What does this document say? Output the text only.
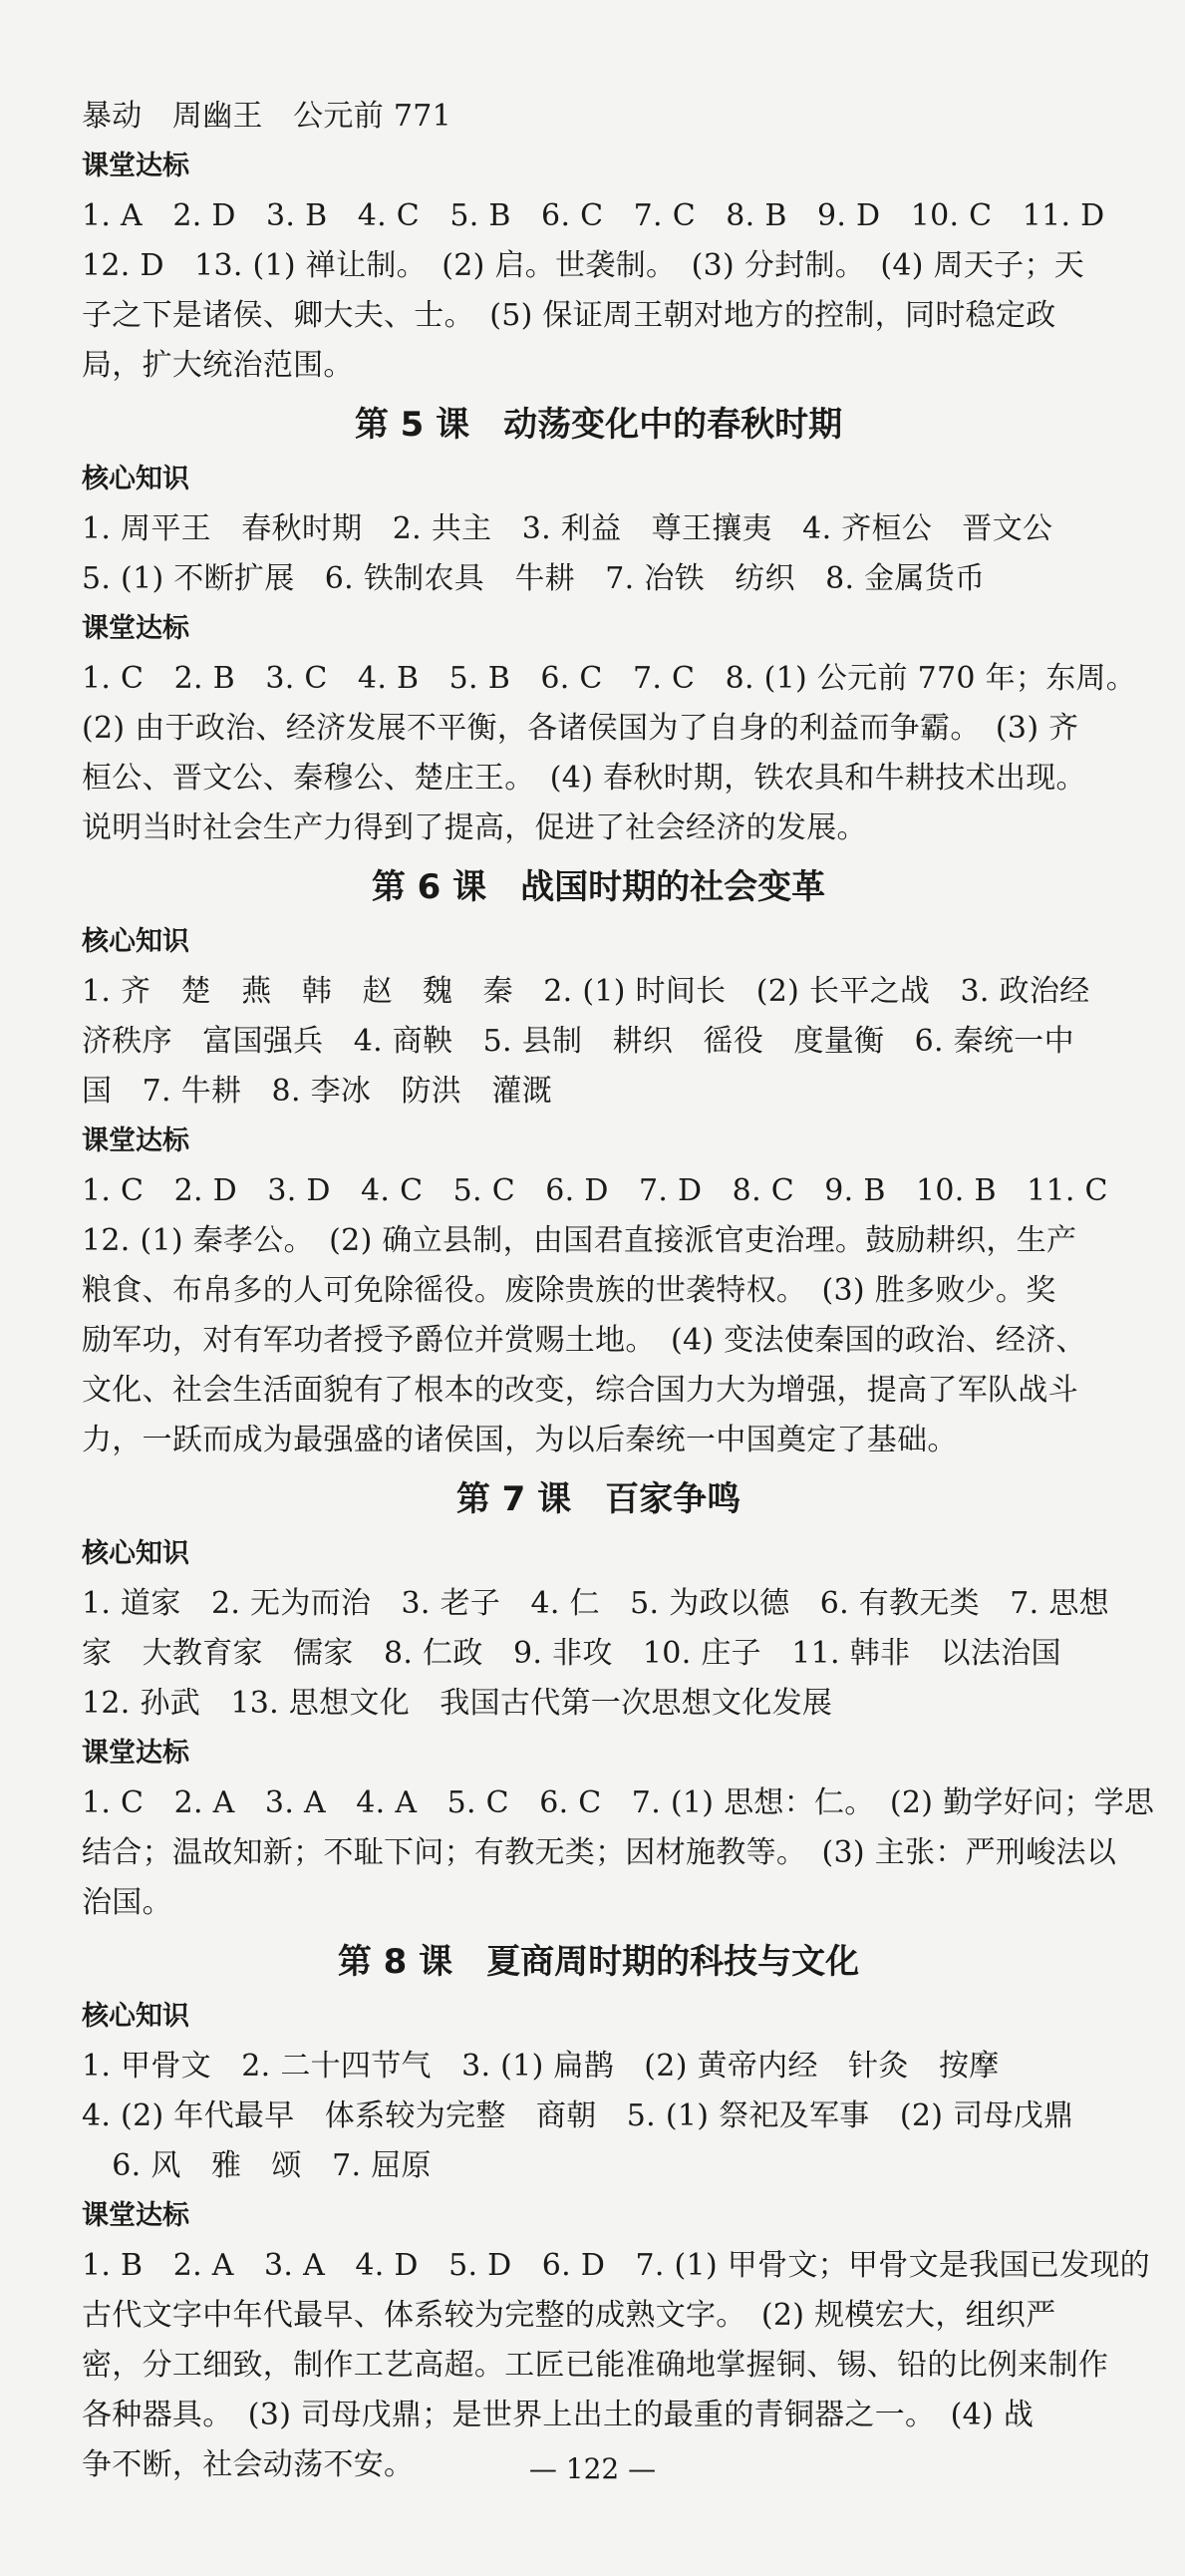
暴动　周幽王　公元前 771
课堂达标
1. A　2. D　3. B　4. C　5. B　6. C　7. C　8. B　9. D　10. C　11. D
12. D　13. (1) 禅让制。　(2) 启。世袭制。　(3) 分封制。　(4) 周天子；天
子之下是诸侯、卿大夫、士。　(5) 保证周王朝对地方的控制，同时稳定政
局，扩大统治范围。
第 5 课　动荡变化中的春秋时期
核心知识
1. 周平王　春秋时期　2. 共主　3. 利益　尊王攘夷　4. 齐桓公　晋文公
5. (1) 不断扩展　6. 铁制农具　牛耕　7. 冶铁　纺织　8. 金属货币
课堂达标
1. C　2. B　3. C　4. B　5. B　6. C　7. C　8. (1) 公元前 770 年；东周。
(2) 由于政治、经济发展不平衡，各诸侯国为了自身的利益而争霸。　(3) 齐
桓公、晋文公、秦穆公、楚庄王。　(4) 春秋时期，铁农具和牛耕技术出现。
说明当时社会生产力得到了提高，促进了社会经济的发展。
第 6 课　战国时期的社会变革
核心知识
1. 齐　楚　燕　韩　赵　魏　秦　2. (1) 时间长　(2) 长平之战　3. 政治经
济秩序　富国强兵　4. 商鞅　5. 县制　耕织　徭役　度量衡　6. 秦统一中
国　7. 牛耕　8. 李冰　防洪　灌溉
课堂达标
1. C　2. D　3. D　4. C　5. C　6. D　7. D　8. C　9. B　10. B　11. C
12. (1) 秦孝公。　(2) 确立县制，由国君直接派官吏治理。鼓励耕织，生产
粮食、布帛多的人可免除徭役。废除贵族的世袭特权。　(3) 胜多败少。奖
励军功，对有军功者授予爵位并赏赐土地。　(4) 变法使秦国的政治、经济、
文化、社会生活面貌有了根本的改变，综合国力大为增强，提高了军队战斗
力，一跃而成为最强盛的诸侯国，为以后秦统一中国奠定了基础。
第 7 课　百家争鸣
核心知识
1. 道家　2. 无为而治　3. 老子　4. 仁　5. 为政以德　6. 有教无类　7. 思想
家　大教育家　儒家　8. 仁政　9. 非攻　10. 庄子　11. 韩非　以法治国
12. 孙武　13. 思想文化　我国古代第一次思想文化发展
课堂达标
1. C　2. A　3. A　4. A　5. C　6. C　7. (1) 思想：仁。　(2) 勤学好问；学思
结合；温故知新；不耻下问；有教无类；因材施教等。　(3) 主张：严刑峻法以
治国。
第 8 课　夏商周时期的科技与文化
核心知识
1. 甲骨文　2. 二十四节气　3. (1) 扁鹊　(2) 黄帝内经　针灸　按摩
4. (2) 年代最早　体系较为完整　商朝　5. (1) 祭祀及军事　(2) 司母戊鼎
　6. 风　雅　颂　7. 屈原
课堂达标
1. B　2. A　3. A　4. D　5. D　6. D　7. (1) 甲骨文；甲骨文是我国已发现的
古代文字中年代最早、体系较为完整的成熟文字。　(2) 规模宏大，组织严
密，分工细致，制作工艺高超。工匠已能准确地掌握铜、锡、铅的比例来制作
各种器具。　(3) 司母戊鼎；是世界上出土的最重的青铜器之一。　(4) 战
争不断，社会动荡不安。	— 122 —
